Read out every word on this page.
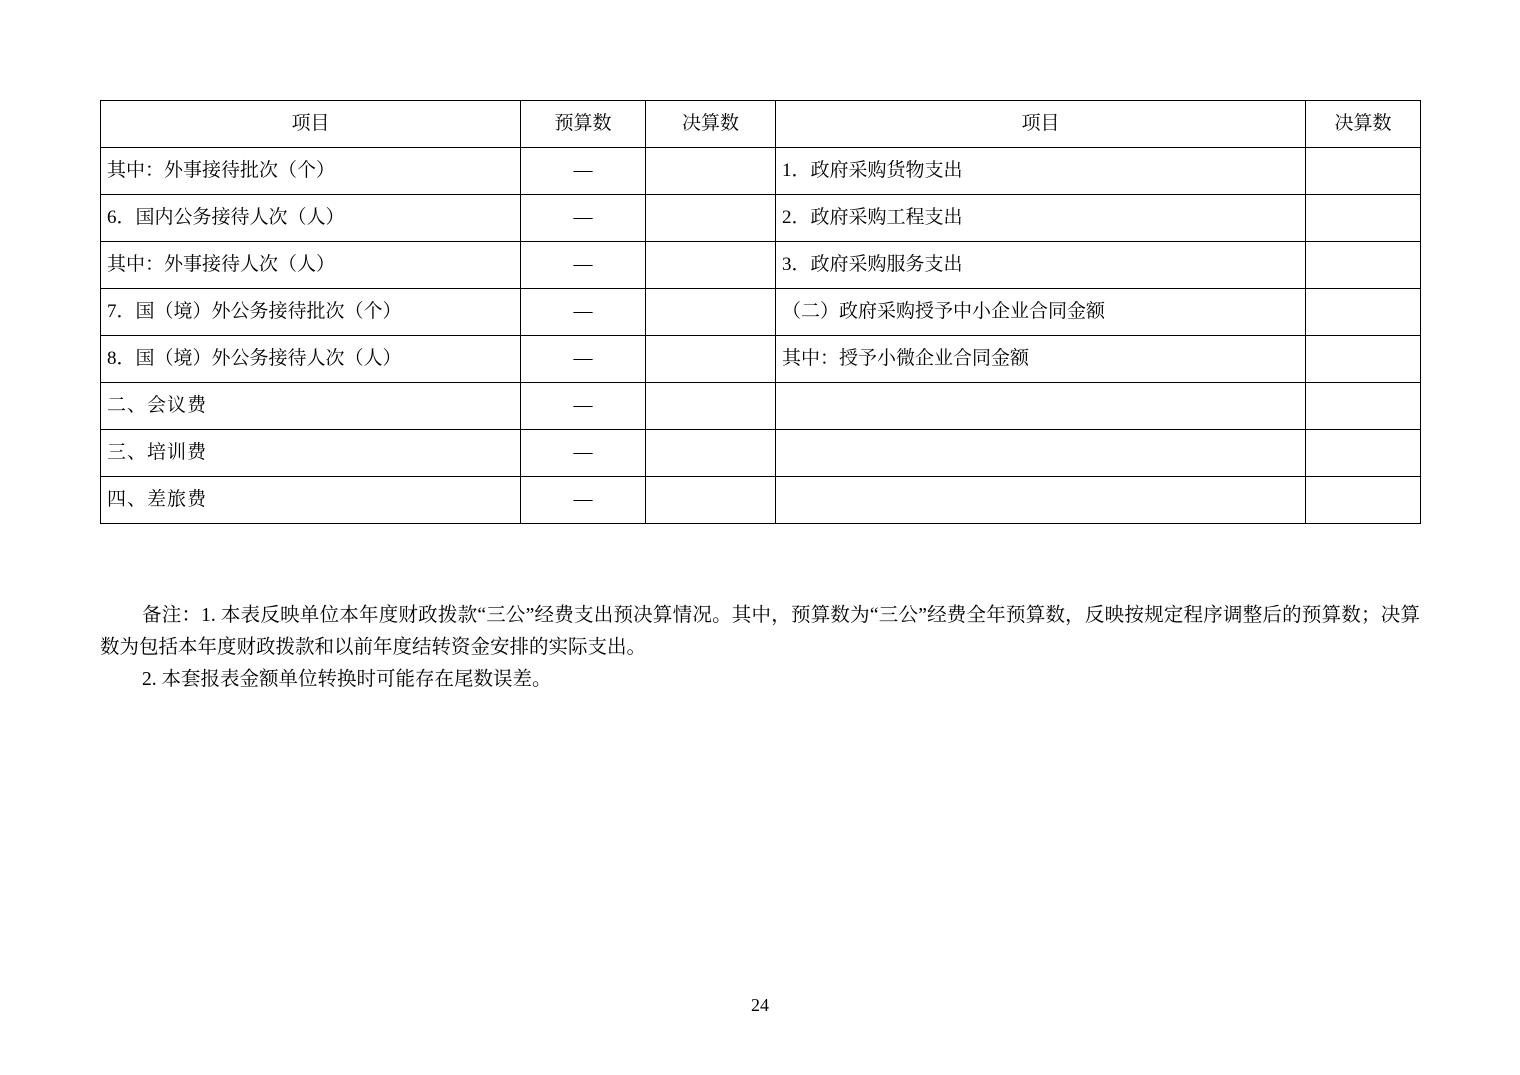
项目	预算数	决算数	项目	决算数
其中：外事接待批次（个）	—		1．政府采购货物支出	
6．国内公务接待人次（人）	—		2．政府采购工程支出	
其中：外事接待人次（人）	—		3．政府采购服务支出	
7．国（境）外公务接待批次（个）	—		（二）政府采购授予中小企业合同金额	
8．国（境）外公务接待人次（人）	—		其中：授予小微企业合同金额	
二、会议费	—			
三、培训费	—			
四、差旅费	—			

备注：1. 本表反映单位本年度财政拨款“三公”经费支出预决算情况。其中，预算数为“三公”经费全年预算数，反映按规定程序调整后的预算数；决算数为包括本年度财政拨款和以前年度结转资金安排的实际支出。

2. 本套报表金额单位转换时可能存在尾数误差。

24
